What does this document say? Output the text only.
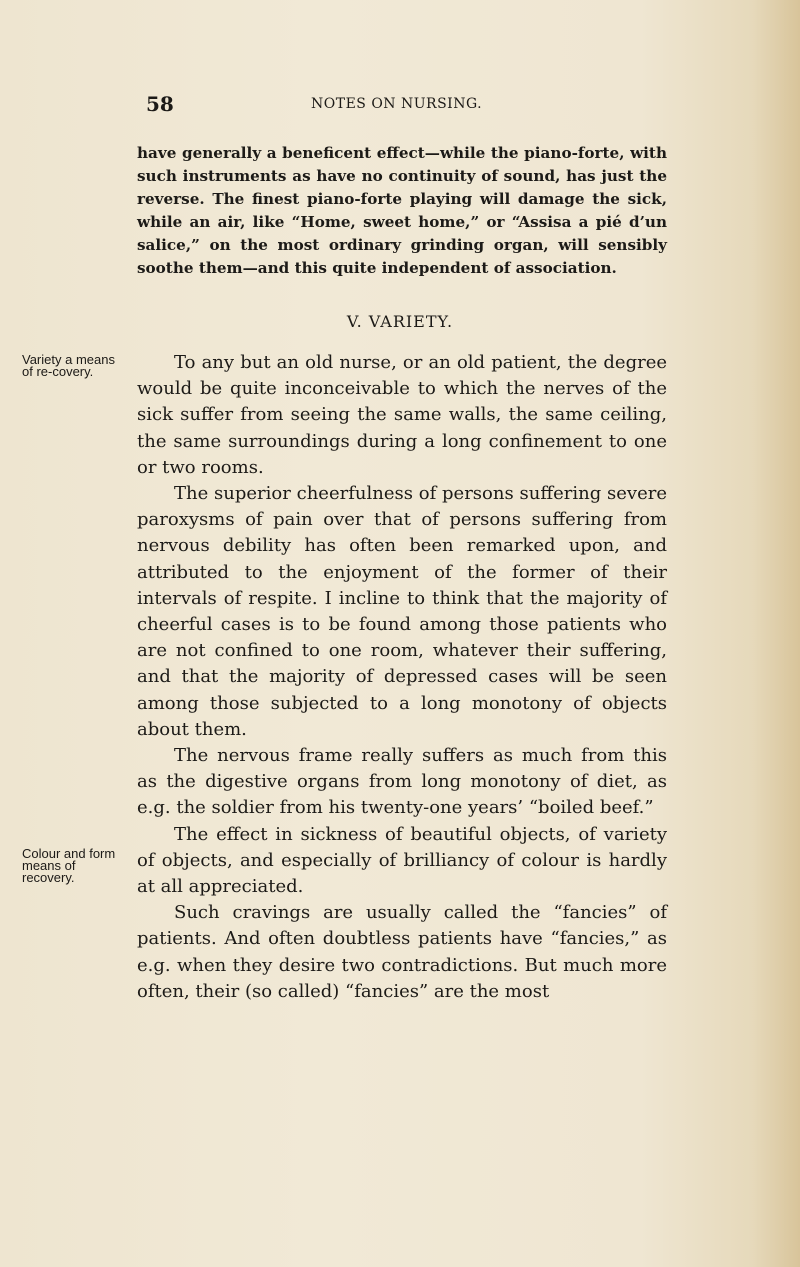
58	NOTES ON NURSING.

have generally a beneficent effect—while the piano-forte, with such instruments as have no continuity of sound, has just the reverse. The finest piano-forte playing will damage the sick, while an air, like “Home, sweet home,” or “Assisa a pié d’un salice,” on the most ordinary grinding organ, will sensibly soothe them—and this quite independent of association.

V. VARIETY.
Variety a means of re-covery.
Colour and form means of recovery.

To any but an old nurse, or an old patient, the degree would be quite inconceivable to which the nerves of the sick suffer from seeing the same walls, the same ceiling, the same surroundings during a long confinement to one or two rooms.

The superior cheerfulness of persons suffering severe paroxysms of pain over that of persons suffering from nervous debility has often been remarked upon, and attributed to the enjoyment of the former of their intervals of respite. I incline to think that the majority of cheerful cases is to be found among those patients who are not confined to one room, whatever their suffering, and that the majority of depressed cases will be seen among those subjected to a long monotony of objects about them.

The nervous frame really suffers as much from this as the digestive organs from long monotony of diet, as e.g. the soldier from his twenty-one years’ “boiled beef.”

The effect in sickness of beautiful objects, of variety of objects, and especially of brilliancy of colour is hardly at all appreciated.

Such cravings are usually called the “fancies” of patients. And often doubtless patients have “fancies,” as e.g. when they desire two contradictions. But much more often, their (so called) “fancies” are the most
